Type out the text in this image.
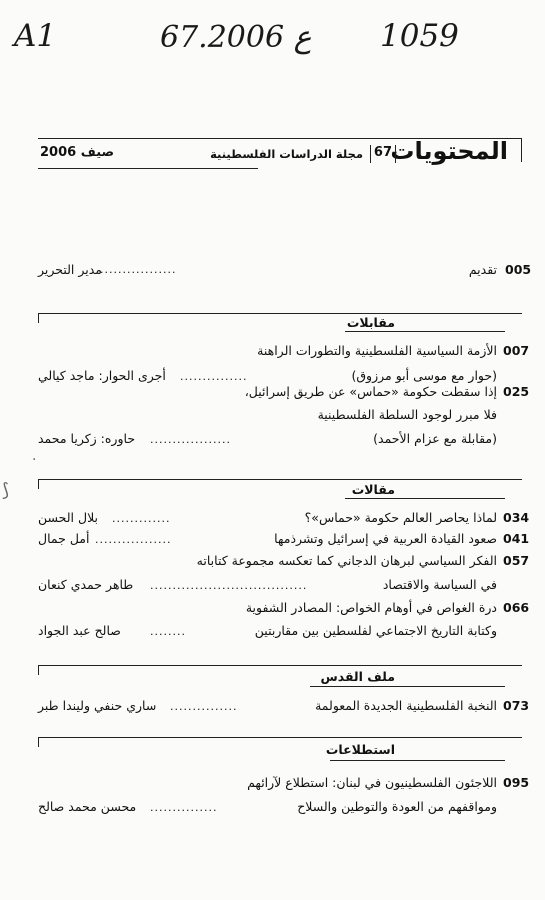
A1	67.ع 2006 1059
المحتويات
مجلة الدراسات الفلسطينية 67
صيف 2006
005
تقديم
.................
مدير التحرير
مقابلات
007
الأزمة السياسية الفلسطينية والتطورات الراهنة
(حوار مع موسى أبو مرزوق)
...............
أجرى الحوار: ماجد كيالي
025
إذا سقطت حكومة «حماس» عن طريق إسرائيل،
فلا مبرر لوجود السلطة الفلسطينية
(مقابلة مع عزام الأحمد)
..................
حاوره: زكريا محمد
·
مقالات
034
لماذا يحاصر العالم حكومة «حماس»؟
.............
بلال الحسن
041
صعود القيادة العربية في إسرائيل وتشرذمها
.................
أمل جمال
057
الفكر السياسي لبرهان الدجاني كما تعكسه مجموعة كتاباته
في السياسة والاقتصاد
...................................
طاهر حمدي كنعان
066
درة الغواص في أوهام الخواص: المصادر الشفوية
وكتابة التاريخ الاجتماعي لفلسطين بين مقاربتين
........
صالح عبد الجواد
ملف القدس
073
النخبة الفلسطينية الجديدة المعولمة
...............
ساري حنفي وليندا طبر
استطلاعات
095
اللاجئون الفلسطينيون في لبنان: استطلاع لآرائهم
ومواقفهم من العودة والتوطين والسلاح
...............
محسن محمد صالح
⟆
